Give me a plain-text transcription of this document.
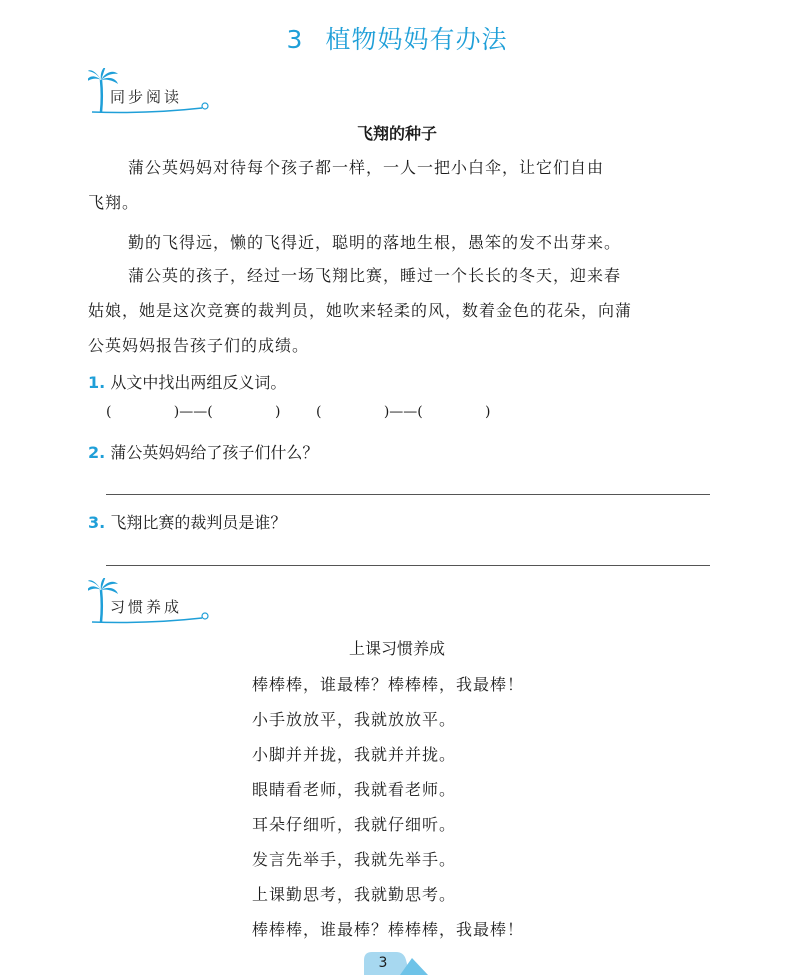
3 植物妈妈有办法
同步阅读
飞翔的种子
蒲公英妈妈对待每个孩子都一样，一人一把小白伞，让它们自由
飞翔。
勤的飞得远，懒的飞得近，聪明的落地生根，愚笨的发不出芽来。
蒲公英的孩子，经过一场飞翔比赛，睡过一个长长的冬天，迎来春
姑娘，她是这次竞赛的裁判员，她吹来轻柔的风，数着金色的花朵，向蒲
公英妈妈报告孩子们的成绩。
1. 从文中找出两组反义词。
(              )——(              )        (              )——(              )
2. 蒲公英妈妈给了孩子们什么？
3. 飞翔比赛的裁判员是谁？
习惯养成
上课习惯养成
棒棒棒，谁最棒？棒棒棒，我最棒！
小手放放平，我就放放平。
小脚并并拢，我就并并拢。
眼睛看老师，我就看老师。
耳朵仔细听，我就仔细听。
发言先举手，我就先举手。
上课勤思考，我就勤思考。
棒棒棒，谁最棒？棒棒棒，我最棒！
3
